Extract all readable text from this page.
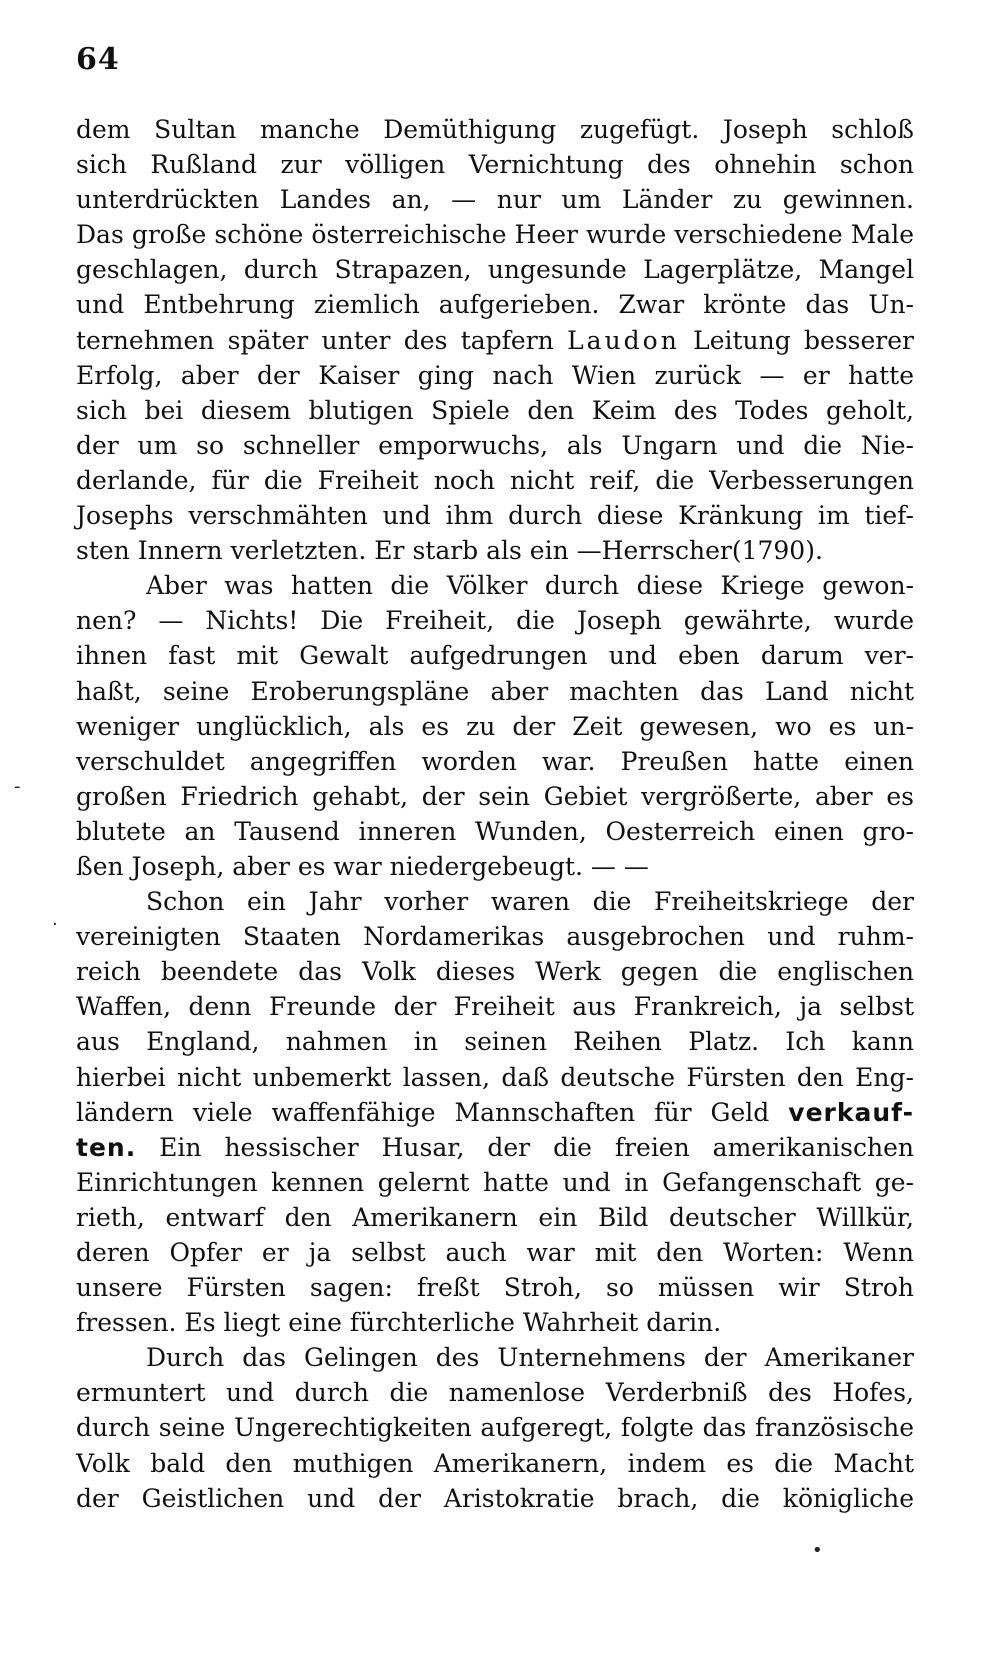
64
dem Sultan manche Demüthigung zugefügt. Joseph schloß
sich Rußland zur völligen Vernichtung des ohnehin schon
unterdrückten Landes an, — nur um Länder zu gewinnen.
Das große schöne österreichische Heer wurde verschiedene Male
geschlagen, durch Strapazen, ungesunde Lagerplätze, Mangel
und Entbehrung ziemlich aufgerieben. Zwar krönte das Un-
ternehmen später unter des tapfern Laudon Leitung besserer
Erfolg, aber der Kaiser ging nach Wien zurück — er hatte
sich bei diesem blutigen Spiele den Keim des Todes geholt,
der um so schneller emporwuchs, als Ungarn und die Nie-
derlande, für die Freiheit noch nicht reif, die Verbesserungen
Josephs verschmähten und ihm durch diese Kränkung im tief-
sten Innern verletzten. Er starb als ein —Herrscher(1790).
Aber was hatten die Völker durch diese Kriege gewon-
nen? — Nichts! Die Freiheit, die Joseph gewährte, wurde
ihnen fast mit Gewalt aufgedrungen und eben darum ver-
haßt, seine Eroberungspläne aber machten das Land nicht
weniger unglücklich, als es zu der Zeit gewesen, wo es un-
verschuldet angegriffen worden war. Preußen hatte einen
großen Friedrich gehabt, der sein Gebiet vergrößerte, aber es
blutete an Tausend inneren Wunden, Oesterreich einen gro-
ßen Joseph, aber es war niedergebeugt. — —
Schon ein Jahr vorher waren die Freiheitskriege der
vereinigten Staaten Nordamerikas ausgebrochen und ruhm-
reich beendete das Volk dieses Werk gegen die englischen
Waffen, denn Freunde der Freiheit aus Frankreich, ja selbst
aus England, nahmen in seinen Reihen Platz. Ich kann
hierbei nicht unbemerkt lassen, daß deutsche Fürsten den Eng-
ländern viele waffenfähige Mannschaften für Geld verkauf-
ten. Ein hessischer Husar, der die freien amerikanischen
Einrichtungen kennen gelernt hatte und in Gefangenschaft ge-
rieth, entwarf den Amerikanern ein Bild deutscher Willkür,
deren Opfer er ja selbst auch war mit den Worten: Wenn
unsere Fürsten sagen: freßt Stroh, so müssen wir Stroh
fressen. Es liegt eine fürchterliche Wahrheit darin.
Durch das Gelingen des Unternehmens der Amerikaner
ermuntert und durch die namenlose Verderbniß des Hofes,
durch seine Ungerechtigkeiten aufgeregt, folgte das französische
Volk bald den muthigen Amerikanern, indem es die Macht
der Geistlichen und der Aristokratie brach, die königliche
‑
·
•
